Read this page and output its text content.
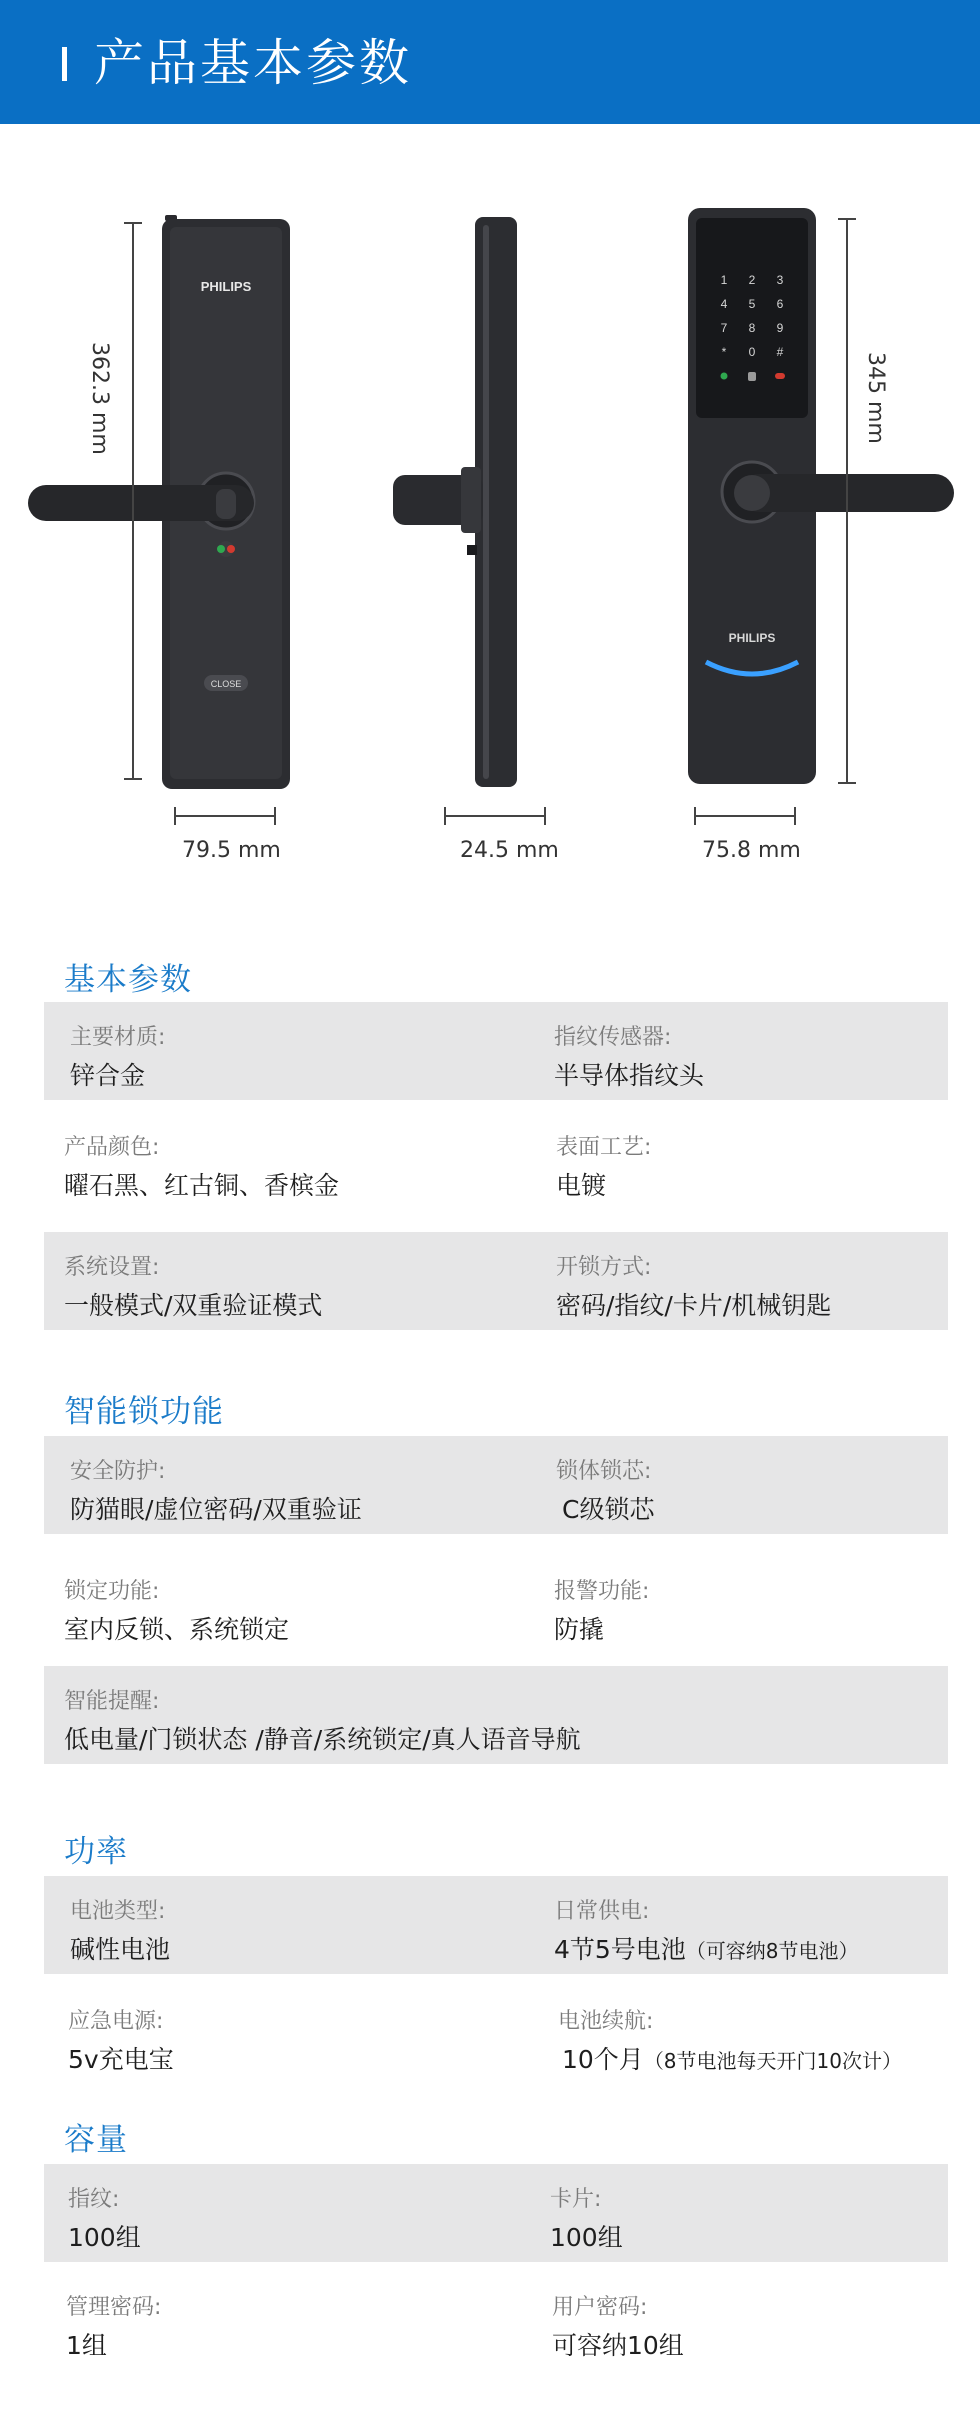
产品基本参数
PHILIPS
CLOSE
1 2 3
4 5 6
7 8 9
* 0 #
PHILIPS
362.3 mm	345 mm
79.5 mm	24.5 mm	75.8 mm
基本参数
主要材质:
锌合金
指纹传感器:
半导体指纹头
产品颜色:
曜石黑、红古铜、香槟金
表面工艺:
电镀
系统设置:
一般模式/双重验证模式
开锁方式:
密码/指纹/卡片/机械钥匙
智能锁功能
安全防护:
防猫眼/虚位密码/双重验证
锁体锁芯:
C级锁芯
锁定功能:
室内反锁、系统锁定
报警功能:
防撬
智能提醒:
低电量/门锁状态 /静音/系统锁定/真人语音导航
功率
电池类型:
碱性电池
日常供电:
4节5号电池（可容纳8节电池）
应急电源:
5v充电宝
电池续航:
10个月（8节电池每天开门10次计）
容量
指纹:
100组
卡片:
100组
管理密码:
1组
用户密码:
可容纳10组
